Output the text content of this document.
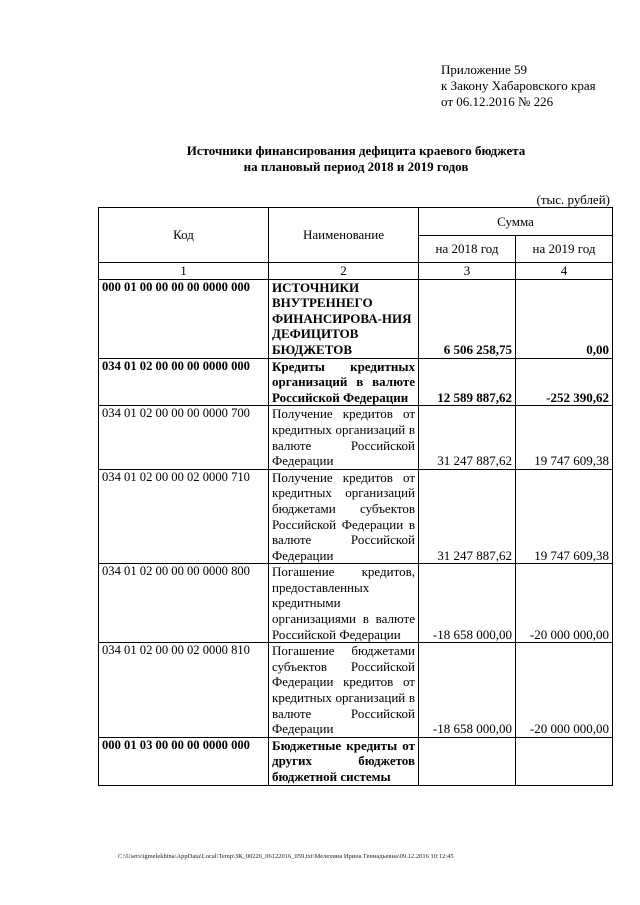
Приложение 59
к Закону Хабаровского края
от 06.12.2016 № 226
Источники финансирования дефицита краевого бюджета
на плановый период 2018 и 2019 годов
(тыс. рублей)
Код	Наименование	Сумма	
		на 2018 год	на 2019 год
1	2	3	4
000 01 00 00 00 00 0000 000	ИСТОЧНИКИ ВНУТРЕННЕГО ФИНАНСИРОВА-НИЯ ДЕФИЦИТОВ БЮДЖЕТОВ	6 506 258,75	0,00
034 01 02 00 00 00 0000 000	Кредиты кредитных организаций в валюте Российской Федерации	12 589 887,62	-252 390,62
034 01 02 00 00 00 0000 700	Получение кредитов от кредитных организаций в валюте Российской Федерации	31 247 887,62	19 747 609,38
034 01 02 00 00 02 0000 710	Получение кредитов от кредитных организаций бюджетами субъектов Российской Федерации в валюте Российской Федерации	31 247 887,62	19 747 609,38
034 01 02 00 00 00 0000 800	Погашение кредитов, предоставленных кредитными организациями в валюте Российской Федерации	-18 658 000,00	-20 000 000,00
034 01 02 00 00 02 0000 810	Погашение бюджетами субъектов Российской Федерации кредитов от кредитных организаций в валюте Российской Федерации	-18 658 000,00	-20 000 000,00
000 01 03 00 00 00 0000 000	Бюджетные кредиты от других бюджетов бюджетной системы		
C:\Users\igmelekhina\AppData\Local\Temp\ЗК_00226_06122016_059.txt\Мелехина Ирина Геннадьевна\09.12.2016 10:12:45
